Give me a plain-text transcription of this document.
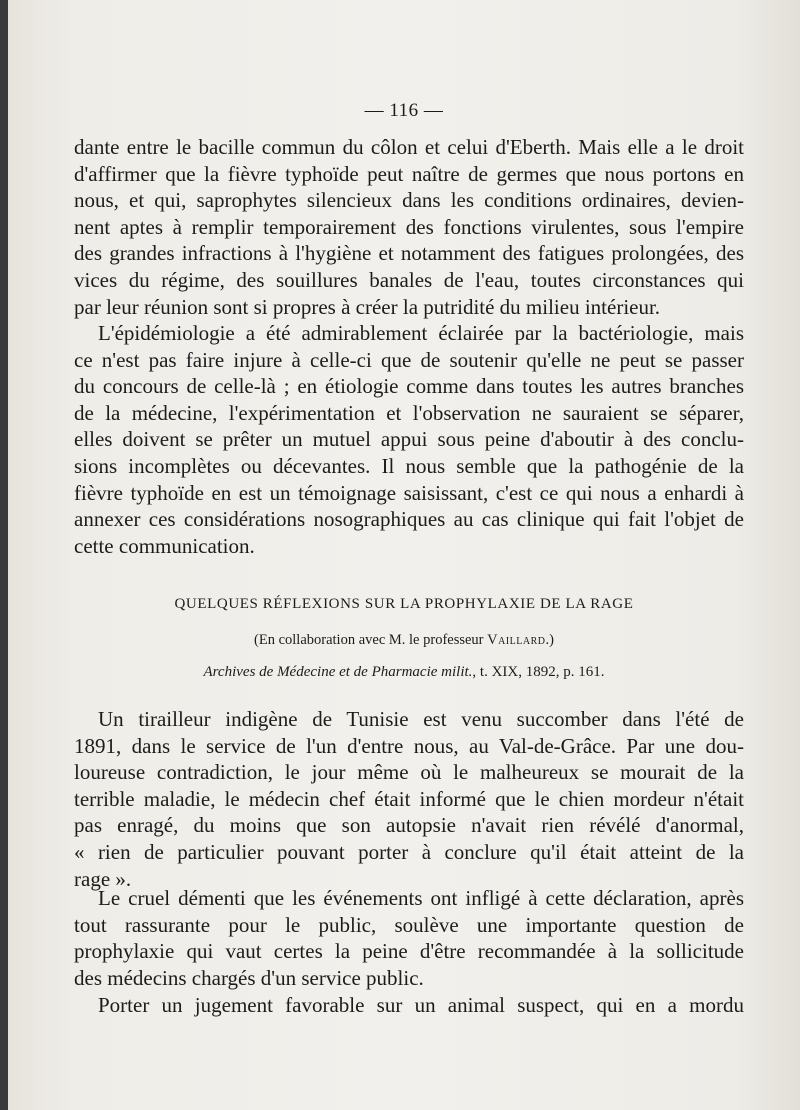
— 116 —
dante entre le bacille commun du côlon et celui d'Eberth. Mais elle a le droit
d'affirmer que la fièvre typhoïde peut naître de germes que nous portons en
nous, et qui, saprophytes silencieux dans les conditions ordinaires, devien-
nent aptes à remplir temporairement des fonctions virulentes, sous l'empire
des grandes infractions à l'hygiène et notamment des fatigues prolongées, des
vices du régime, des souillures banales de l'eau, toutes circonstances qui
par leur réunion sont si propres à créer la putridité du milieu intérieur.
L'épidémiologie a été admirablement éclairée par la bactériologie, mais
ce n'est pas faire injure à celle-ci que de soutenir qu'elle ne peut se passer
du concours de celle-là ; en étiologie comme dans toutes les autres branches
de la médecine, l'expérimentation et l'observation ne sauraient se séparer,
elles doivent se prêter un mutuel appui sous peine d'aboutir à des conclu-
sions incomplètes ou décevantes. Il nous semble que la pathogénie de la
fièvre typhoïde en est un témoignage saisissant, c'est ce qui nous a enhardi à
annexer ces considérations nosographiques au cas clinique qui fait l'objet de
cette communication.
QUELQUES RÉFLEXIONS SUR LA PROPHYLAXIE DE LA RAGE
(En collaboration avec M. le professeur Vaillard.)
Archives de Médecine et de Pharmacie milit., t. XIX, 1892, p. 161.
Un tirailleur indigène de Tunisie est venu succomber dans l'été de
1891, dans le service de l'un d'entre nous, au Val-de-Grâce. Par une dou-
loureuse contradiction, le jour même où le malheureux se mourait de la
terrible maladie, le médecin chef était informé que le chien mordeur n'était
pas enragé, du moins que son autopsie n'avait rien révélé d'anormal,
« rien de particulier pouvant porter à conclure qu'il était atteint de la
rage ».
Le cruel démenti que les événements ont infligé à cette déclaration, après
tout rassurante pour le public, soulève une importante question de
prophylaxie qui vaut certes la peine d'être recommandée à la sollicitude
des médecins chargés d'un service public.
Porter un jugement favorable sur un animal suspect, qui en a mordu
